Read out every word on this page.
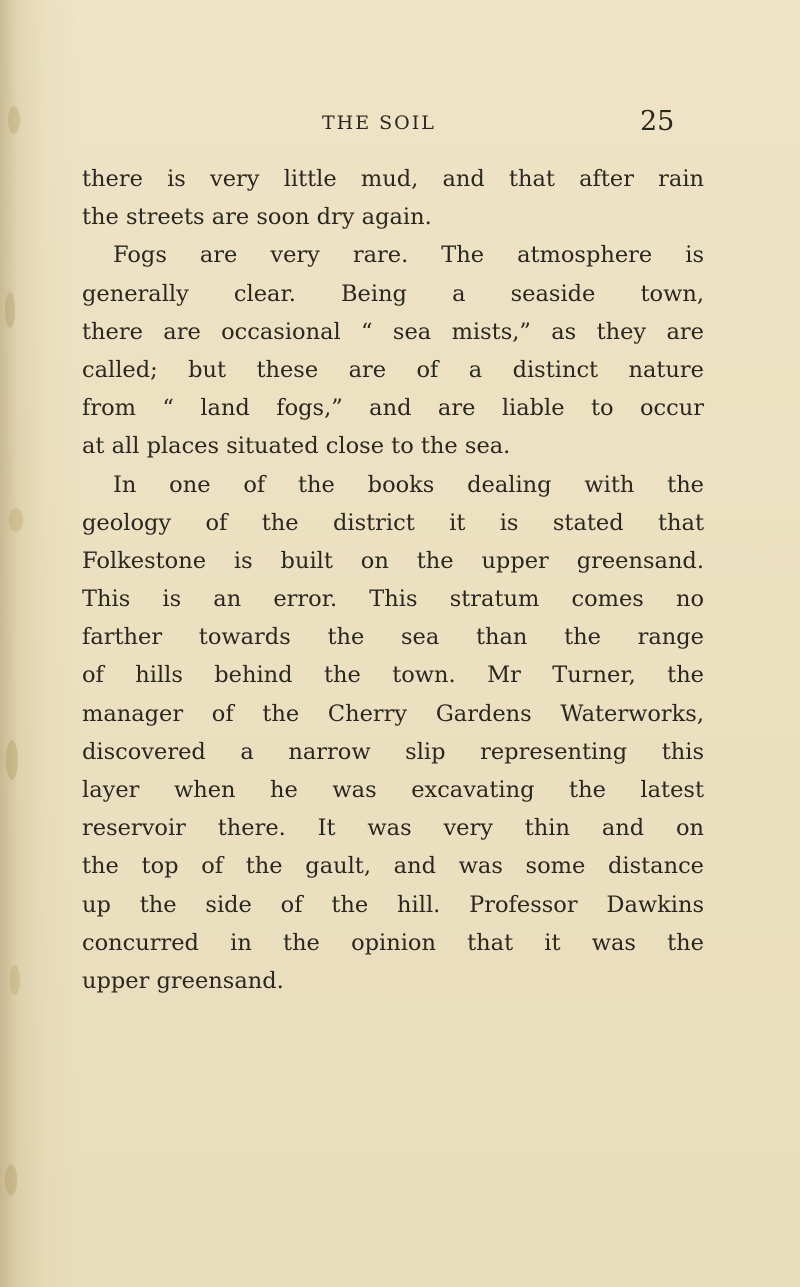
THE SOIL	25
there is very little mud, and that after rain
the streets are soon dry again.
Fogs are very rare. The atmosphere is
generally clear. Being a seaside town,
there are occasional “ sea mists,” as they are
called; but these are of a distinct nature
from “ land fogs,” and are liable to occur
at all places situated close to the sea.
In one of the books dealing with the
geology of the district it is stated that
Folkestone is built on the upper greensand.
This is an error. This stratum comes no
farther towards the sea than the range
of hills behind the town. Mr Turner, the
manager of the Cherry Gardens Waterworks,
discovered a narrow slip representing this
layer when he was excavating the latest
reservoir there. It was very thin and on
the top of the gault, and was some distance
up the side of the hill. Professor Dawkins
concurred in the opinion that it was the
upper greensand.
